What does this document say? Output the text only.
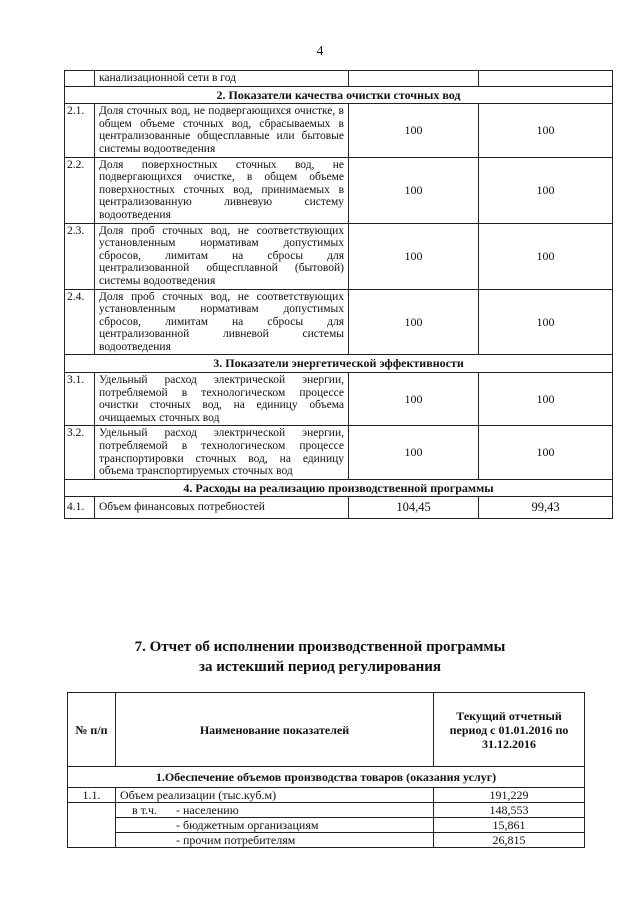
4
	канализационной сети в год		
2. Показатели качества очистки сточных вод			
2.1.	Доля сточных вод, не подвергающихся очистке, в общем объеме сточных вод, сбрасываемых в централизованные общесплавные или бытовые системы водоотведения	100	100
2.2.	Доля поверхностных сточных вод, не подвергающихся очистке, в общем объеме поверхностных сточных вод, принимаемых в централизованную ливневую систему водоотведения	100	100
2.3.	Доля проб сточных вод, не соответствующих установленным нормативам допустимых сбросов, лимитам на сбросы для централизованной общесплавной (бытовой) системы водоотведения	100	100
2.4.	Доля проб сточных вод, не соответствующих установленным нормативам допустимых сбросов, лимитам на сбросы для централизованной ливневой системы водоотведения	100	100
3. Показатели энергетической эффективности			
3.1.	Удельный расход электрической энергии, потребляемой в технологическом процессе очистки сточных вод, на единицу объема очищаемых сточных вод	100	100
3.2.	Удельный расход электрической энергии, потребляемой в технологическом процессе транспортировки сточных вод, на единицу объема транспортируемых сточных вод	100	100
4. Расходы на реализацию производственной программы			
4.1.	Объем финансовых потребностей	104,45	99,43
7. Отчет об исполнении производственной программы
за истекший период регулирования
№ п/п	Наименование показателей	Текущий отчетный период с 01.01.2016 по 31.12.2016
1.Обеспечение объемов производства товаров (оказания услуг)		
1.1.	Объем реализации (тыс.куб.м)	191,229
	в т.ч. - населению	148,553
	- бюджетным организациям	15,861
	- прочим потребителям	26,815
